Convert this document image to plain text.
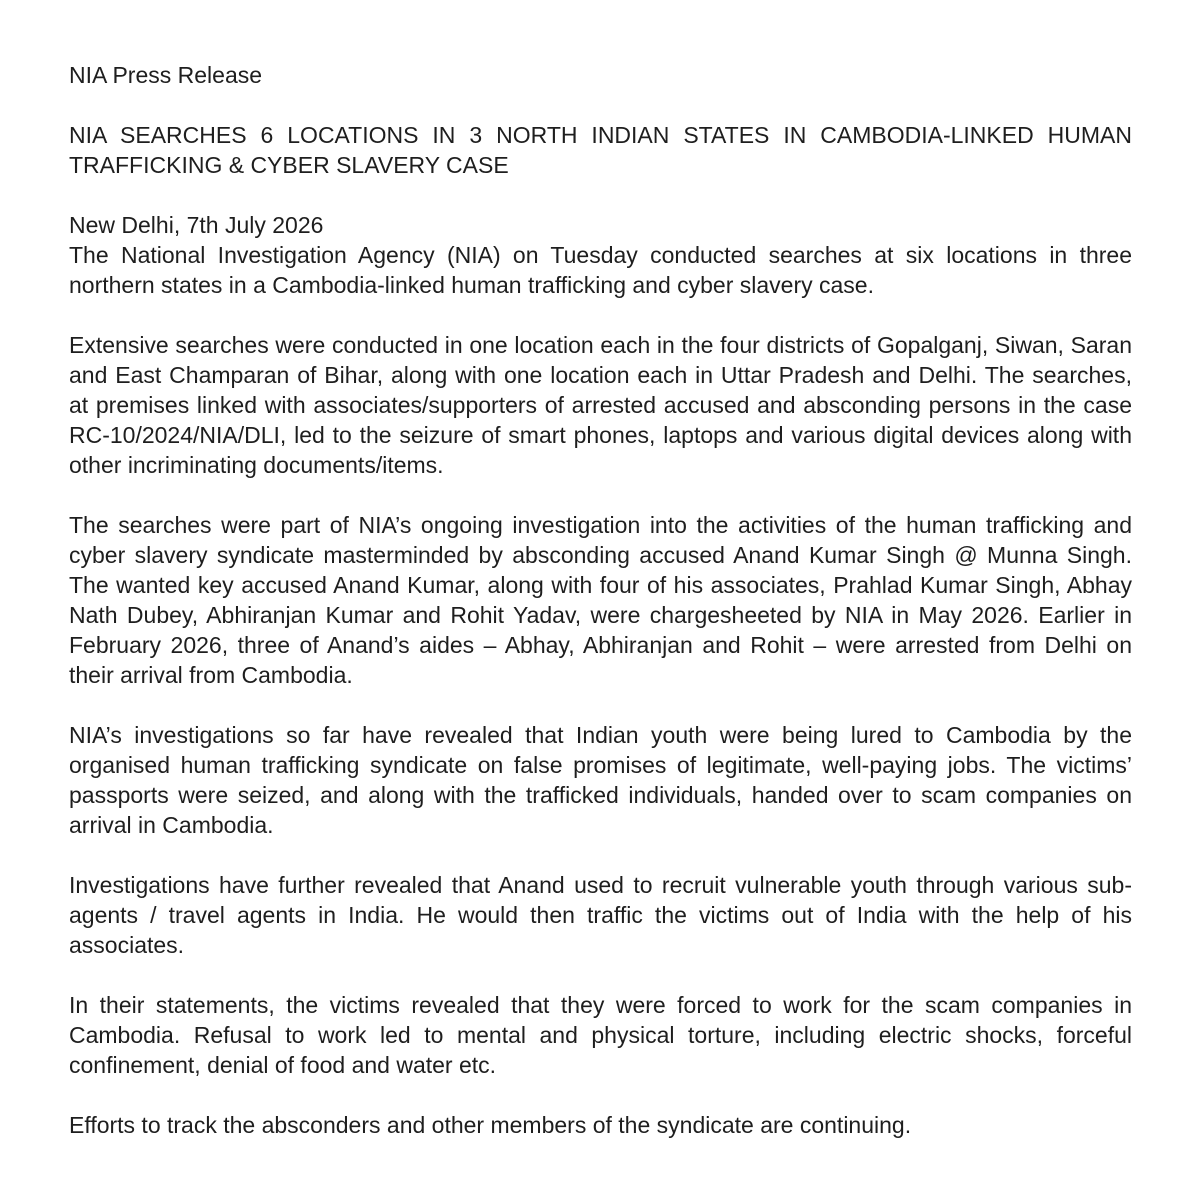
NIA Press Release

NIA SEARCHES 6 LOCATIONS IN 3 NORTH INDIAN STATES IN CAMBODIA-LINKED HUMAN TRAFFICKING & CYBER SLAVERY CASE

New Delhi, 7th July 2026

The National Investigation Agency (NIA) on Tuesday conducted searches at six locations in three northern states in a Cambodia-linked human trafficking and cyber slavery case.

Extensive searches were conducted in one location each in the four districts of Gopalganj, Siwan, Saran and East Champaran of Bihar, along with one location each in Uttar Pradesh and Delhi. The searches, at premises linked with associates/supporters of arrested accused and absconding persons in the case RC-10/2024/NIA/DLI, led to the seizure of smart phones, laptops and various digital devices along with other incriminating documents/items.

The searches were part of NIA’s ongoing investigation into the activities of the human trafficking and cyber slavery syndicate masterminded by absconding accused Anand Kumar Singh @ Munna Singh. The wanted key accused Anand Kumar, along with four of his associates, Prahlad Kumar Singh, Abhay Nath Dubey, Abhiranjan Kumar and Rohit Yadav, were chargesheeted by NIA in May 2026. Earlier in February 2026, three of Anand’s aides – Abhay, Abhiranjan and Rohit – were arrested from Delhi on their arrival from Cambodia.

NIA’s investigations so far have revealed that Indian youth were being lured to Cambodia by the organised human trafficking syndicate on false promises of legitimate, well-paying jobs. The victims’ passports were seized, and along with the trafficked individuals, handed over to scam companies on arrival in Cambodia.

Investigations have further revealed that Anand used to recruit vulnerable youth through various sub-agents / travel agents in India. He would then traffic the victims out of India with the help of his associates.

In their statements, the victims revealed that they were forced to work for the scam companies in Cambodia. Refusal to work led to mental and physical torture, including electric shocks, forceful confinement, denial of food and water etc.

Efforts to track the absconders and other members of the syndicate are continuing.
